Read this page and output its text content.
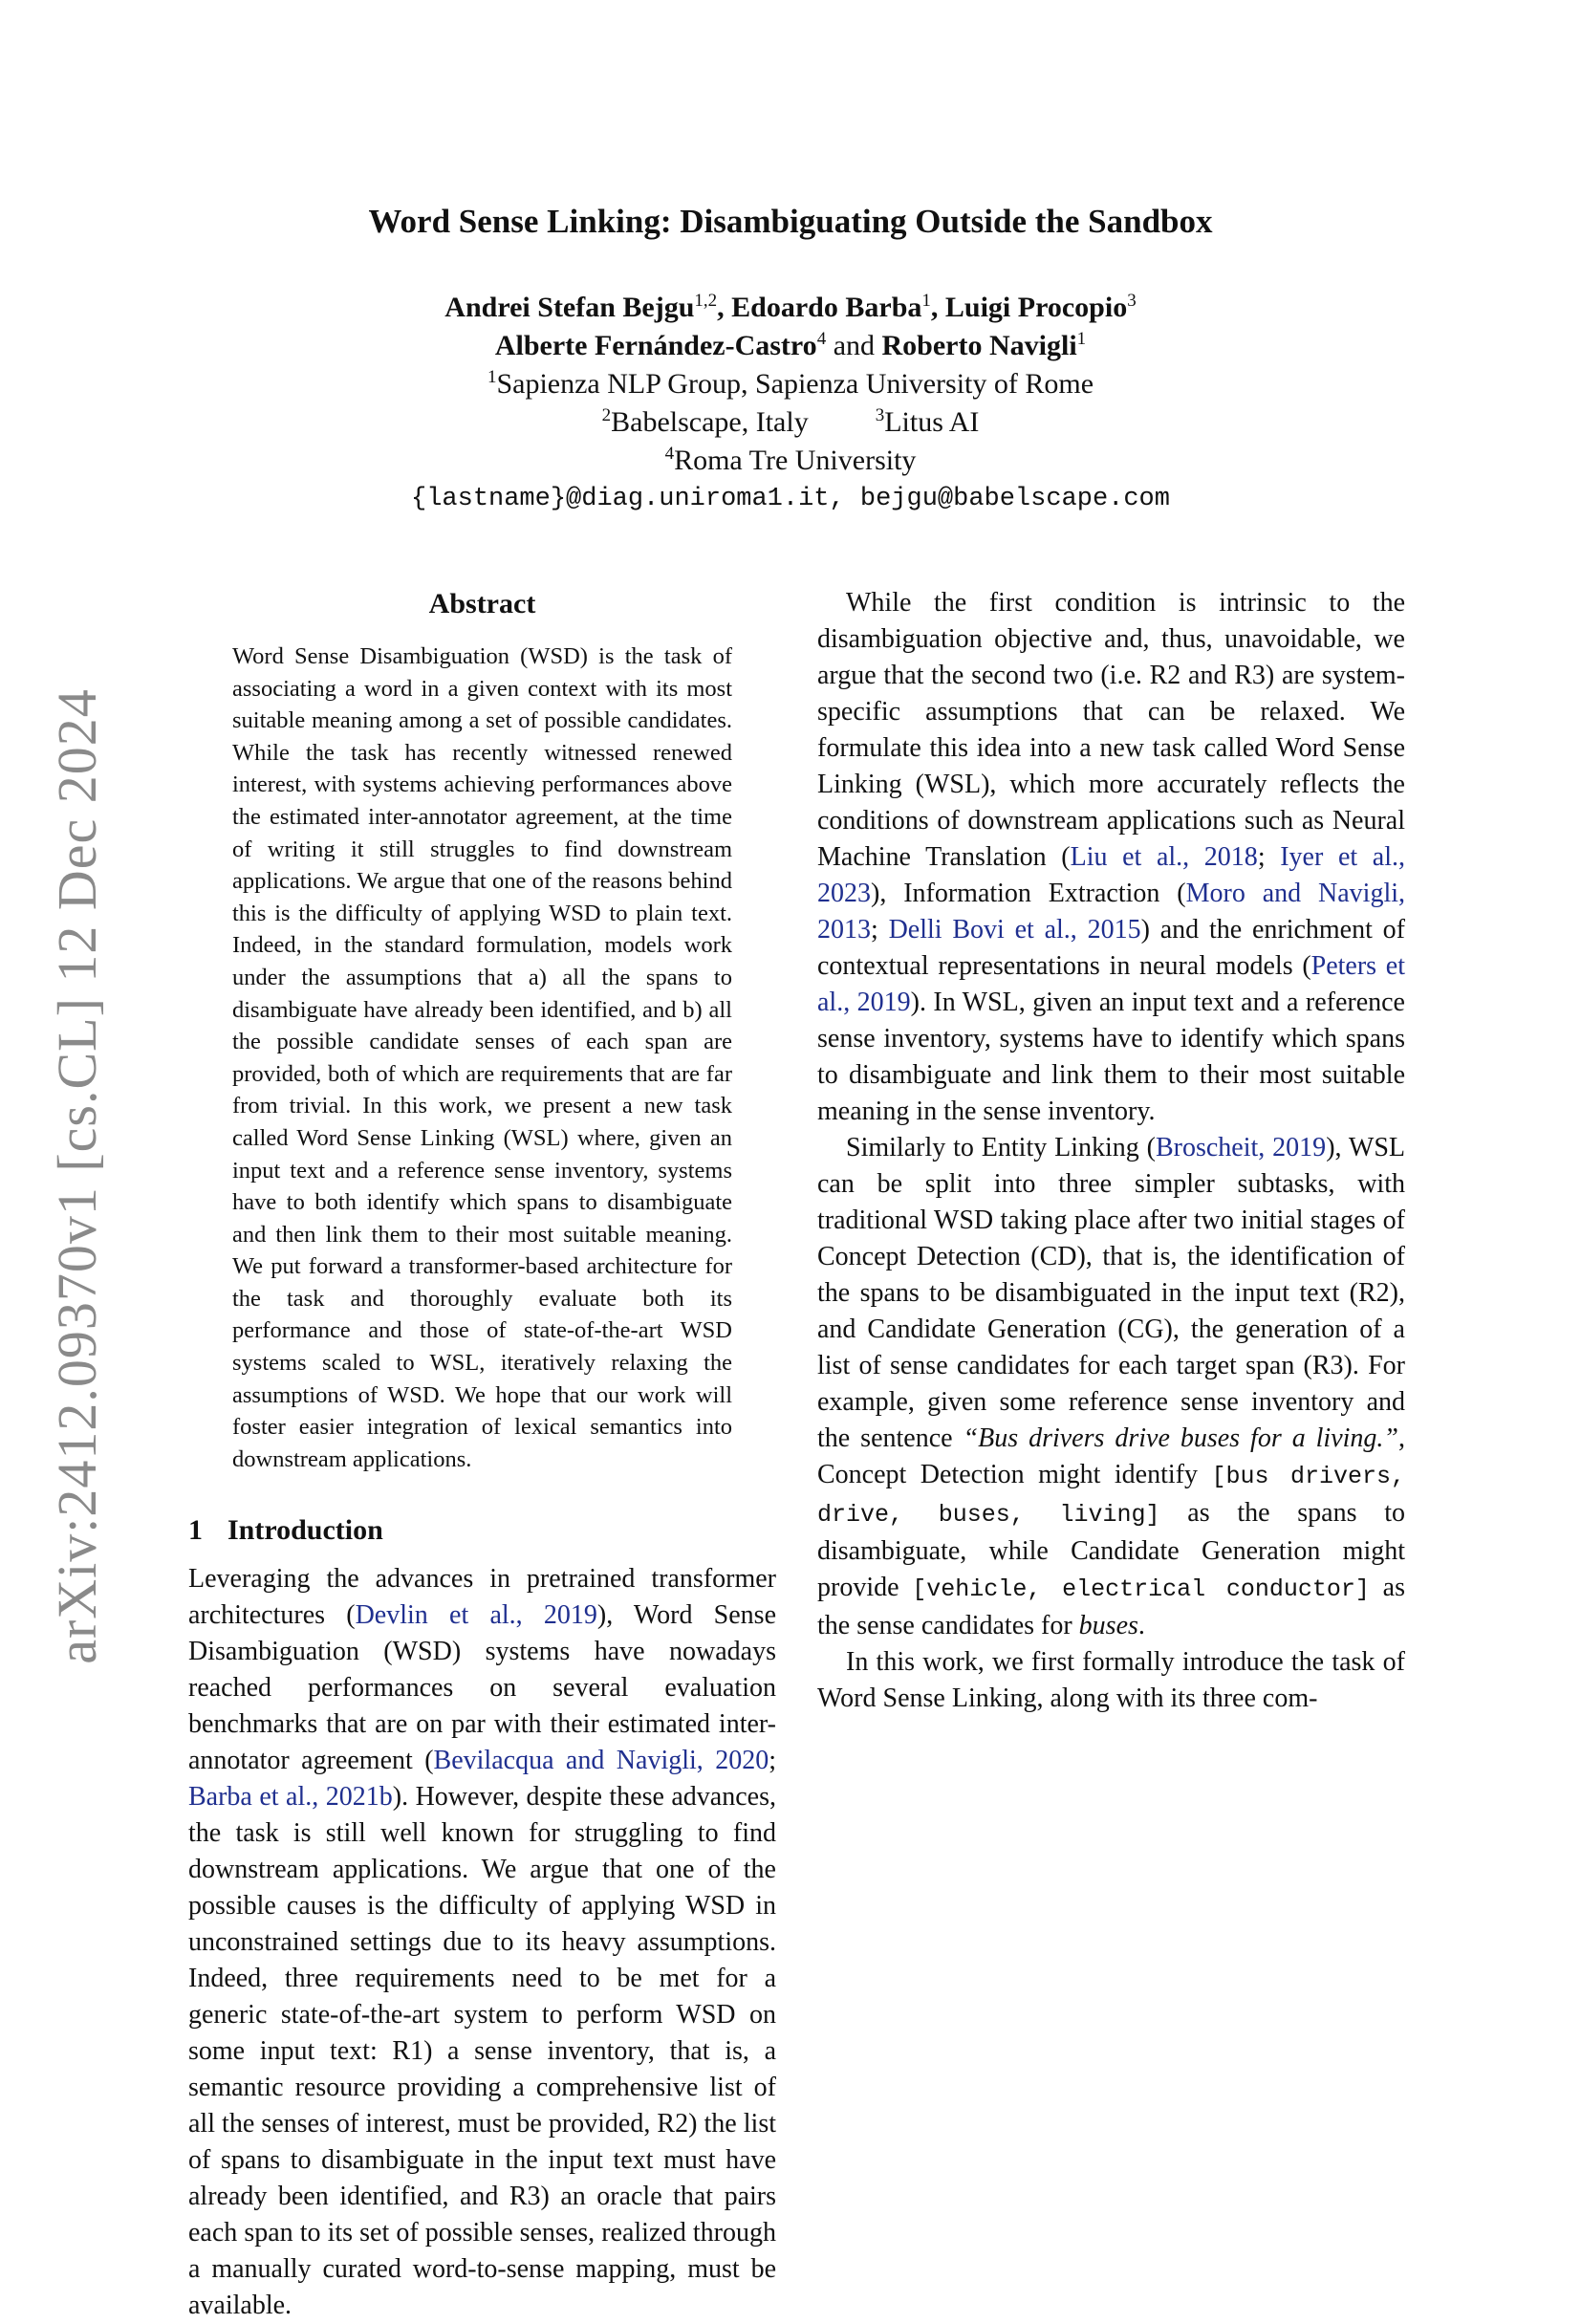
arXiv:2412.09370v1 [cs.CL] 12 Dec 2024
Word Sense Linking: Disambiguating Outside the Sandbox
Andrei Stefan Bejgu$^{1,2}$, Edoardo Barba$^1$, Luigi Procopio$^3$
Alberte Fernández-Castro$^4$ and Roberto Navigli$^1$
$^1$Sapienza NLP Group, Sapienza University of Rome
$^2$Babelscape, Italy	$^3$Litus AI
$^4$Roma Tre University
{lastname}@diag.uniroma1.it, bejgu@babelscape.com
Abstract
Word Sense Disambiguation (WSD) is the task of associating a word in a given context with its most suitable meaning among a set of possible candidates. While the task has recently witnessed renewed interest, with systems achieving performances above the estimated inter-annotator agreement, at the time of writing it still struggles to find downstream applications. We argue that one of the reasons behind this is the difficulty of applying WSD to plain text. Indeed, in the standard formulation, models work under the assumptions that a) all the spans to disambiguate have already been identified, and b) all the possible candidate senses of each span are provided, both of which are requirements that are far from trivial. In this work, we present a new task called Word Sense Linking (WSL) where, given an input text and a reference sense inventory, systems have to both identify which spans to disambiguate and then link them to their most suitable meaning. We put forward a transformer-based architecture for the task and thoroughly evaluate both its performance and those of state-of-the-art WSD systems scaled to WSL, iteratively relaxing the assumptions of WSD. We hope that our work will foster easier integration of lexical semantics into downstream applications.
1 Introduction

Leveraging the advances in pretrained transformer architectures (Devlin et al., 2019), Word Sense Disambiguation (WSD) systems have nowadays reached performances on several evaluation benchmarks that are on par with their estimated inter-annotator agreement (Bevilacqua and Navigli, 2020; Barba et al., 2021b). However, despite these advances, the task is still well known for struggling to find downstream applications. We argue that one of the possible causes is the difficulty of applying WSD in unconstrained settings due to its heavy assumptions. Indeed, three requirements need to be met for a generic state-of-the-art system to perform WSD on some input text: R1) a sense inventory, that is, a semantic resource providing a comprehensive list of all the senses of interest, must be provided, R2) the list of spans to disambiguate in the input text must have already been identified, and R3) an oracle that pairs each span to its set of possible senses, realized through a manually curated word-to-sense mapping, must be available.

While the first condition is intrinsic to the disambiguation objective and, thus, unavoidable, we argue that the second two (i.e. R2 and R3) are system-specific assumptions that can be relaxed. We formulate this idea into a new task called Word Sense Linking (WSL), which more accurately reflects the conditions of downstream applications such as Neural Machine Translation (Liu et al., 2018; Iyer et al., 2023), Information Extraction (Moro and Navigli, 2013; Delli Bovi et al., 2015) and the enrichment of contextual representations in neural models (Peters et al., 2019). In WSL, given an input text and a reference sense inventory, systems have to identify which spans to disambiguate and link them to their most suitable meaning in the sense inventory.

Similarly to Entity Linking (Broscheit, 2019), WSL can be split into three simpler subtasks, with traditional WSD taking place after two initial stages of Concept Detection (CD), that is, the identification of the spans to be disambiguated in the input text (R2), and Candidate Generation (CG), the generation of a list of sense candidates for each target span (R3). For example, given some reference sense inventory and the sentence “Bus drivers drive buses for a living.”, Concept Detection might identify [bus drivers, drive, buses, living] as the spans to disambiguate, while Candidate Generation might provide [vehicle, electrical conductor] as the sense candidates for buses.

In this work, we first formally introduce the task of Word Sense Linking, along with its three com-
